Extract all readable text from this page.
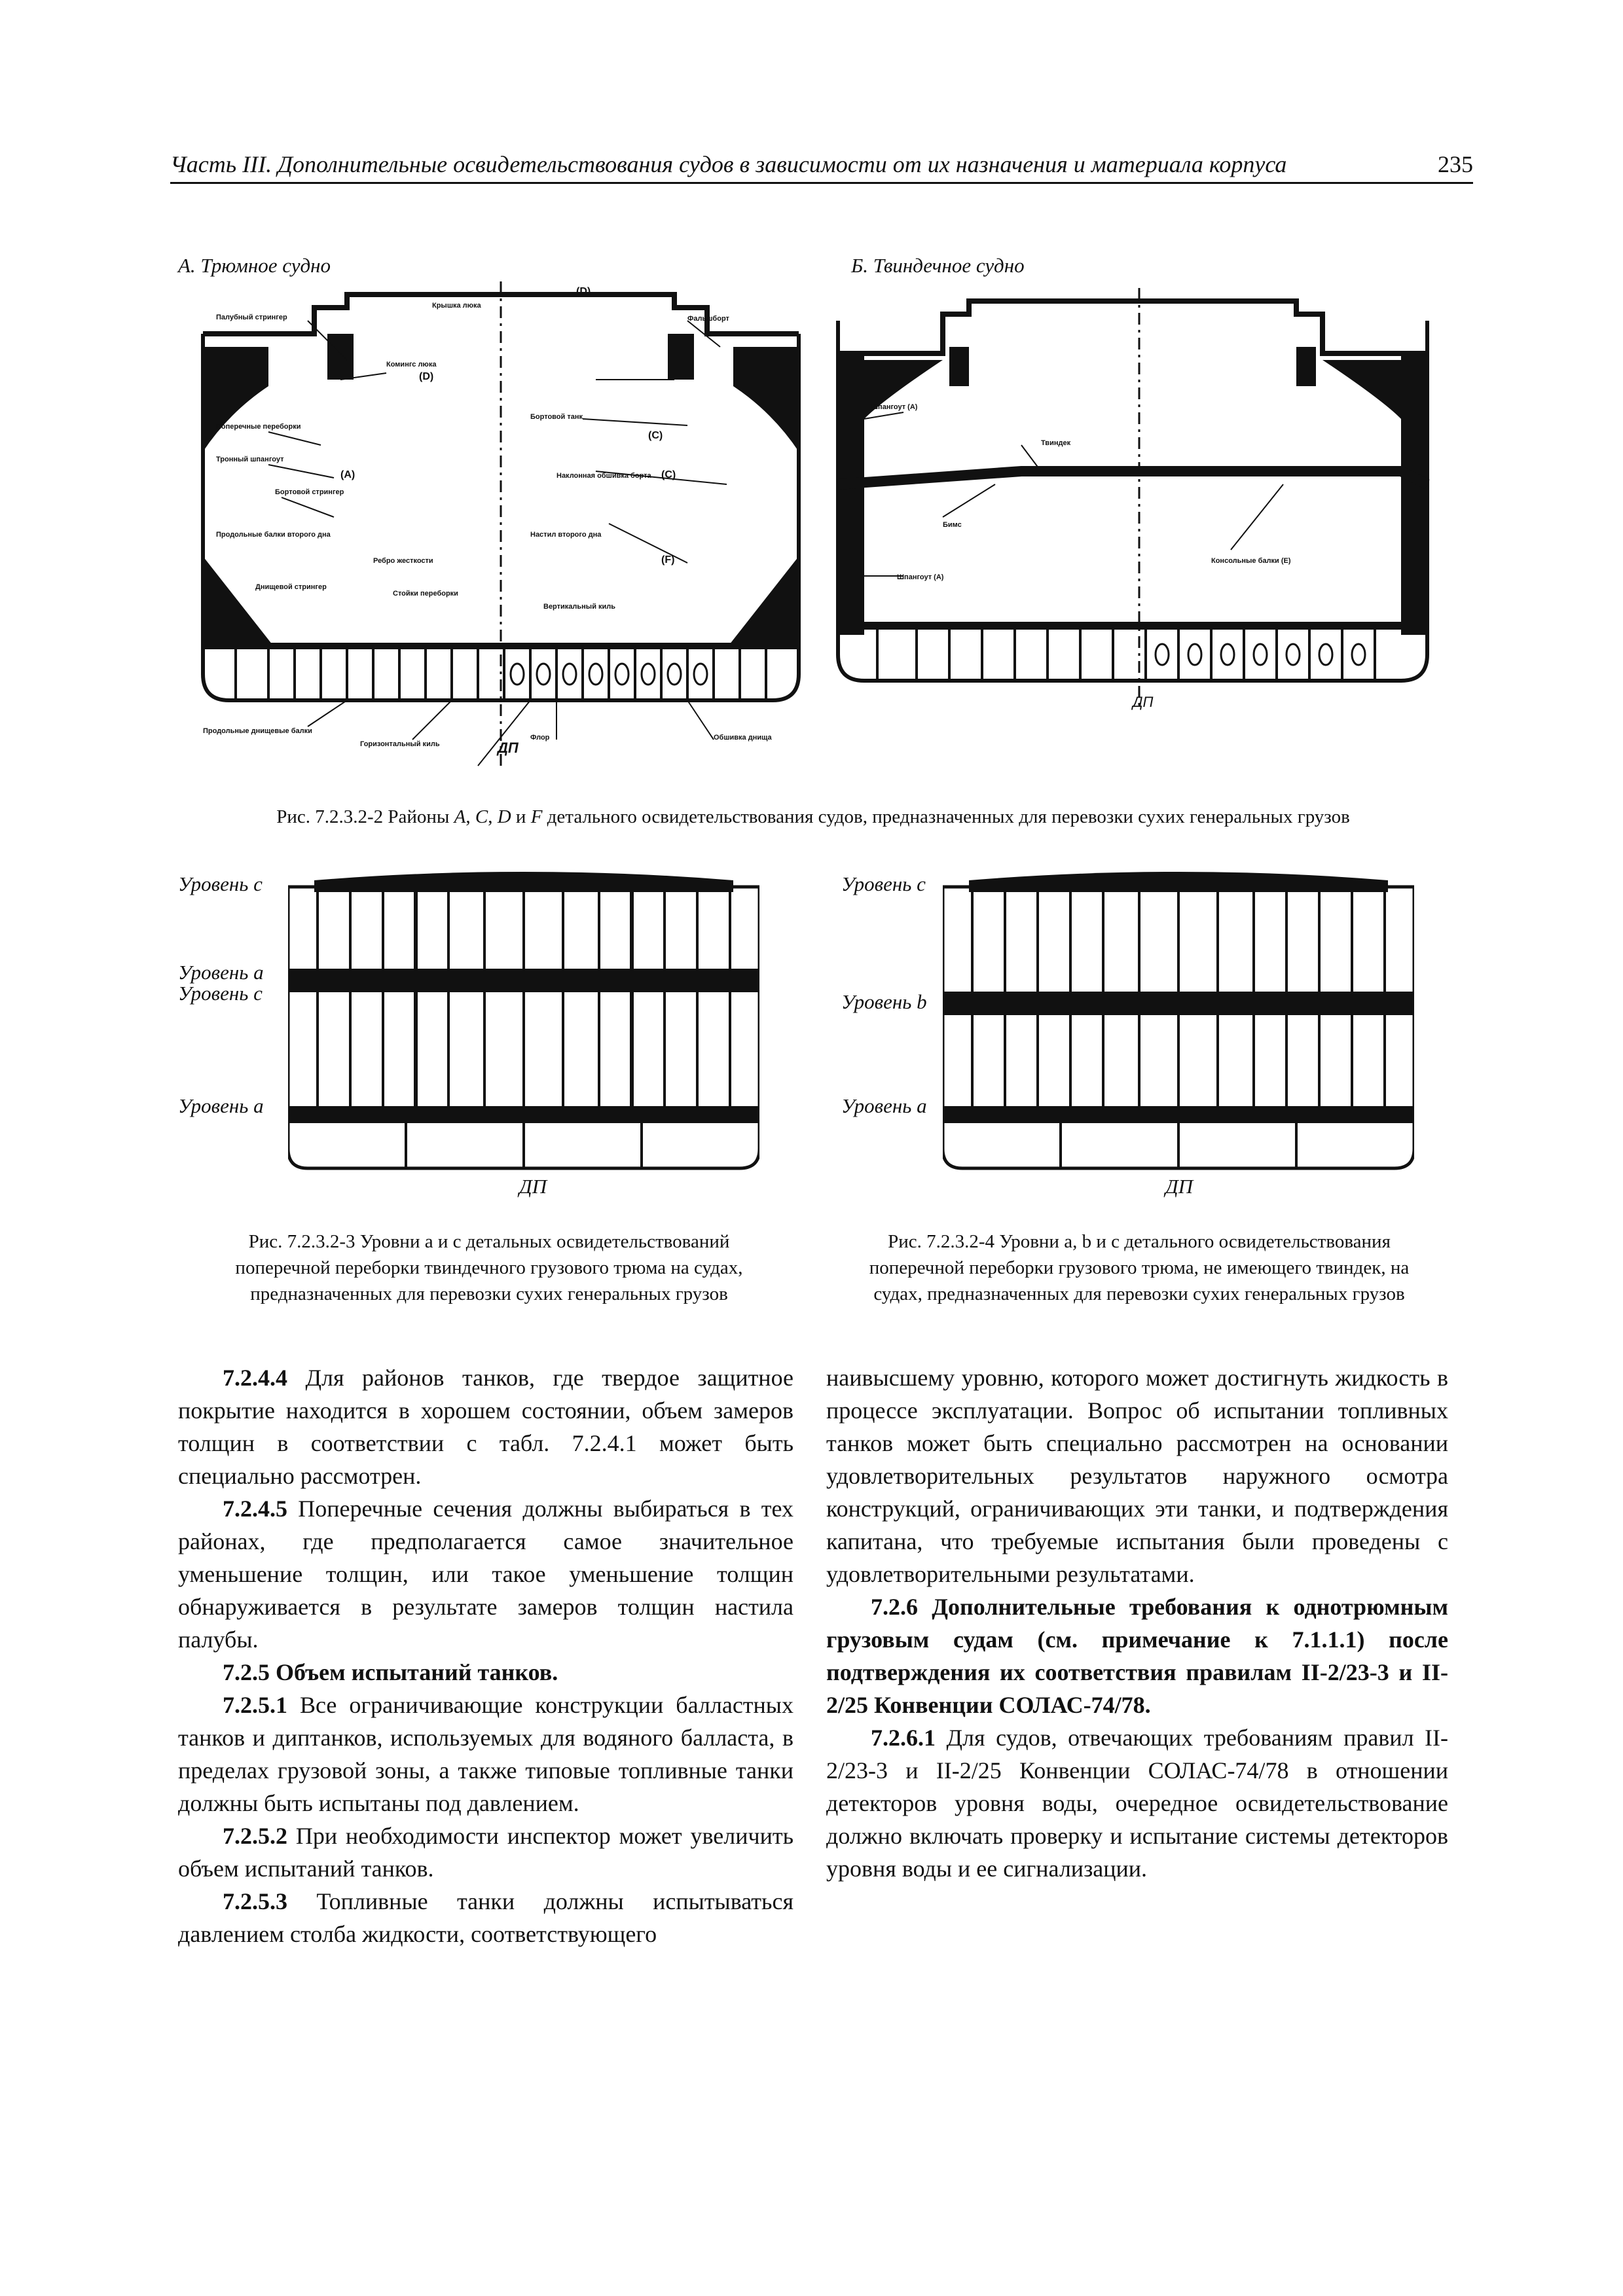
Часть III. Дополнительные освидетельствования судов в зависимости от их назначения и материала корпуса	235
А. Трюмное судно	Б. Твиндечное судно
Палубный стрингер
Поперечные переборки
Тронный шпангоут
Бортовой стрингер
Продольные балки второго дна
Ребро жесткости
Стойки переборки
Днищевой стрингер
Продольные днищевые балки
Крышка люка
Комингс люка
Фальшборт
Бортовой танк
Наклонная обшивка борта
Настил второго дна
Вертикальный киль
Флор	Обшивка днища
Горизонтальный киль
(D)
(D)
(C)
(C)
(A)
(F)
ДП
Шпангоут (A)
Твиндек
Бимс
Консольные балки (E)
Шпангоут (A)
ДП
Рис. 7.2.3.2-2 Районы A, C, D и F детального освидетельствования судов, предназначенных для перевозки сухих генеральных грузов
Уровень c
Уровень a
Уровень c
Уровень a
ДП
Рис. 7.2.3.2-3 Уровни a и c детальных освидетельствований
поперечной переборки твиндечного грузового трюма на судах,
предназначенных для перевозки сухих генеральных грузов
Уровень c
Уровень b
Уровень a
ДП
Рис. 7.2.3.2-4 Уровни a, b и c детального освидетельствования
поперечной переборки грузового трюма, не имеющего твиндек, на
судах, предназначенных для перевозки сухих генеральных грузов

7.2.4.4 Для районов танков, где твердое защитное покрытие находится в хорошем состоянии, объем замеров толщин в соответствии с табл. 7.2.4.1 может быть специально рассмотрен.

7.2.4.5 Поперечные сечения должны выбираться в тех районах, где предполагается самое значительное уменьшение толщин, или такое уменьшение толщин обнаруживается в результате замеров толщин настила палубы.

7.2.5 Объем испытаний танков.

7.2.5.1 Все ограничивающие конструкции балластных танков и диптанков, используемых для водяного балласта, в пределах грузовой зоны, а также типовые топливные танки должны быть испытаны под давлением.

7.2.5.2 При необходимости инспектор может увеличить объем испытаний танков.

7.2.5.3 Топливные танки должны испытываться давлением столба жидкости, соответствующего

наивысшему уровню, которого может достигнуть жидкость в процессе эксплуатации. Вопрос об испытании топливных танков может быть специально рассмотрен на основании удовлетворительных результатов наружного осмотра конструкций, ограничивающих эти танки, и подтверждения капитана, что требуемые испытания были проведены с удовлетворительными результатами.

7.2.6 Дополнительные требования к однотрюмным грузовым судам (см. примечание к 7.1.1.1) после подтверждения их соответствия правилам II-2/23-3 и II-2/25 Конвенции СОЛАС-74/78.

7.2.6.1 Для судов, отвечающих требованиям правил II-2/23-3 и II-2/25 Конвенции СОЛАС-74/78 в отношении детекторов уровня воды, очередное освидетельствование должно включать проверку и испытание системы детекторов уровня воды и ее сигнализации.
